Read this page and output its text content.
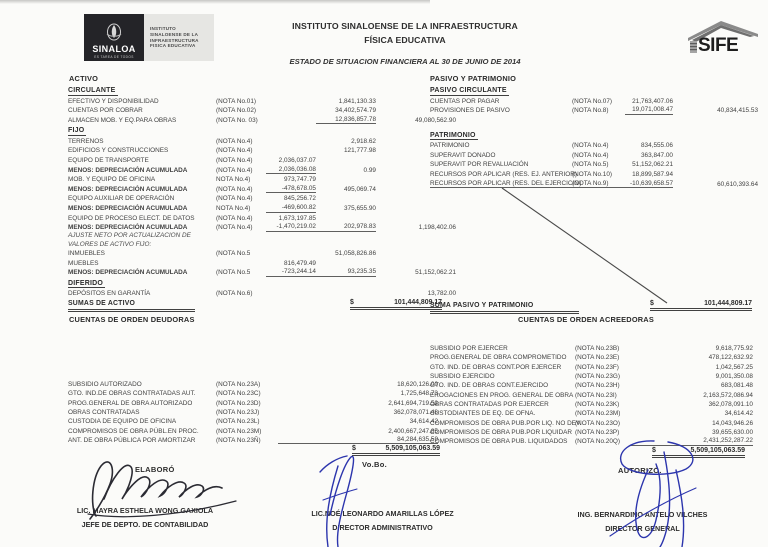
SINALOA
ES TAREA DE TODOS
INSTITUTO
SINALOENSE DE LA
INFRAESTRUCTURA
FISICA EDUCATIVA
INSTITUTO SINALOENSE DE LA INFRAESTRUCTURA
FÍSICA EDUCATIVA
ESTADO DE SITUACION FINANCIERA AL 30 DE JUNIO DE 2014
SIFE
ACTIVO	PASIVO Y PATRIMONIO
CIRCULANTE
EFECTIVO Y DISPONIBILIDAD	(NOTA No.01)	1,841,130.33
CUENTAS POR COBRAR	(NOTA No.02)	34,402,574.79
ALMACEN MOB. Y EQ.PARA OBRAS	(NOTA No. 03)	12,836,857.78	49,080,562.90
FIJO
TERRENOS	(NOTA No.4)	2,918.62
EDIFICIOS Y CONSTRUCCIONES	(NOTA No.4)	121,777.98
EQUIPO DE TRANSPORTE	(NOTA No.4)	2,036,037.07
MENOS: DEPRECIACIÓN ACUMULADA	(NOTA No.4)	2,036,036.08	0.99
MOB. Y EQUIPO DE OFICINA	NOTA No.4)	973,747.79
MENOS: DEPRECIACIÓN ACUMULADA	(NOTA No.4)	-478,678.05	495,069.74
EQUIPO AUXILIAR DE OPERACIÓN	(NOTA No.4)	845,256.72
MENOS: DEPRECIACIÓN ACUMULADA	NOTA No.4)	-469,600.82	375,655.90
EQUIPO DE PROCESO ELECT. DE DATOS	(NOTA No.4)	1,673,197.85
MENOS: DEPRECIACIÓN ACUMULADA	(NOTA No.4)	-1,470,219.02	202,978.83	1,198,402.06
AJUSTE NETO POR ACTUALIZACION DE
VALORES DE ACTIVO FIJO:
INMUEBLES	(NOTA No.5	51,058,826.86
MUEBLES	816,479.49
MENOS: DEPRECIACIÓN ACUMULADA	(NOTA No.5	-723,244.14	93,235.35	51,152,062.21
DIFERIDO
DEPÓSITOS EN GARANTÍA	(NOTA No.6)	13,782.00
PASIVO CIRCULANTE
CUENTAS POR PAGAR	(NOTA No.07)	21,763,407.06
PROVISIONES DE PASIVO	(NOTA No.8)	19,071,008.47	40,834,415.53
PATRIMONIO
PATRIMONIO	(NOTA No.4)	834,555.06
SUPERAVIT DONADO	(NOTA No.4)	363,847.00
SUPERAVIT POR REVALUACIÓN	(NOTA No.5)	51,152,062.21
RECURSOS POR APLICAR (RES. EJ. ANTERIOR)
(NOTA No.10)	18,899,587.94
RECURSOS POR APLICAR (RES. DEL EJERCICIO)
(NOTA No.9)	-10,639,658.57	60,610,393.64
SUMAS DE ACTIVO	$	101,444,809.17
SUMA PASIVO Y PATRIMONIO	$	101,444,809.17
CUENTAS DE ORDEN DEUDORAS	CUENTAS DE ORDEN ACREEDORAS
SUBSIDIO AUTORIZADO	(NOTA No.23A)	18,620,126.00
GTO. IND.DE OBRAS CONTRATADAS AUT.	(NOTA No.23C)	1,725,648.73
PROG.GENERAL DE OBRA AUTORIZADO	(NOTA No.23D)	2,641,694,719.52
OBRAS CONTRATADAS	(NOTA No.23J)	362,078,071.48
CUSTODIA DE EQUIPO DE OFICINA	(NOTA No.23L)	34,614.42
COMPROMISOS DE OBRA PÚBL.EN PROC.	(NOTA No.23M)	2,400,667,247.85
ANT. DE OBRA PÚBLICA POR AMORTIZAR	(NOTA No.23Ñ)	84,284,635.59
SUBSIDIO POR EJERCER	(NOTA No.23B)	9,618,775.92
PROG.GENERAL DE OBRA COMPROMETIDO	(NOTA No.23E)	478,122,632.92
GTO. IND. DE OBRAS CONT.POR EJERCER	(NOTA No.23F)	1,042,567.25
SUBSIDIO EJERCIDO	(NOTA No.23G)	9,001,350.08
GTO. IND. DE OBRAS CONT.EJERCIDO	(NOTA No.23H)	683,081.48
EROGACIONES EN PROG. GENERAL DE OBRA (NOTA No.23I)	2,163,572,086.94
OBRAS CONTRATADAS POR EJERCER	(NOTA No.23K)	362,078,091.10
CUSTODIANTES DE EQ. DE OFNA.	(NOTA No.23M)	34,614.42
COMPROMISOS DE OBRA PUB.POR LIQ. NO DEV.
(NOTA No.23O)	14,043,946.26
COMPROMISOS DE OBRA PUB.POR LIQUIDAR (NOTA No.23P)	39,655,630.00
COMPROMISOS DE OBRA PUB. LIQUIDADOS	(NOTA No.20Q)	2,431,252,287.22
$	5,509,105,063.59	$	5,509,105,063.59
ELABORÓ
Vo.Bo.
AUTORIZÓ.
LIC. MAYRA ESTHELA WONG GAXIOLA
JEFE DE DEPTO. DE CONTABILIDAD
LIC.NOÉ LEONARDO AMARILLAS LÓPEZ
DIRECTOR ADMINISTRATIVO
ING. BERNARDINO ANTELO VILCHES
DIRECTOR GENERAL
